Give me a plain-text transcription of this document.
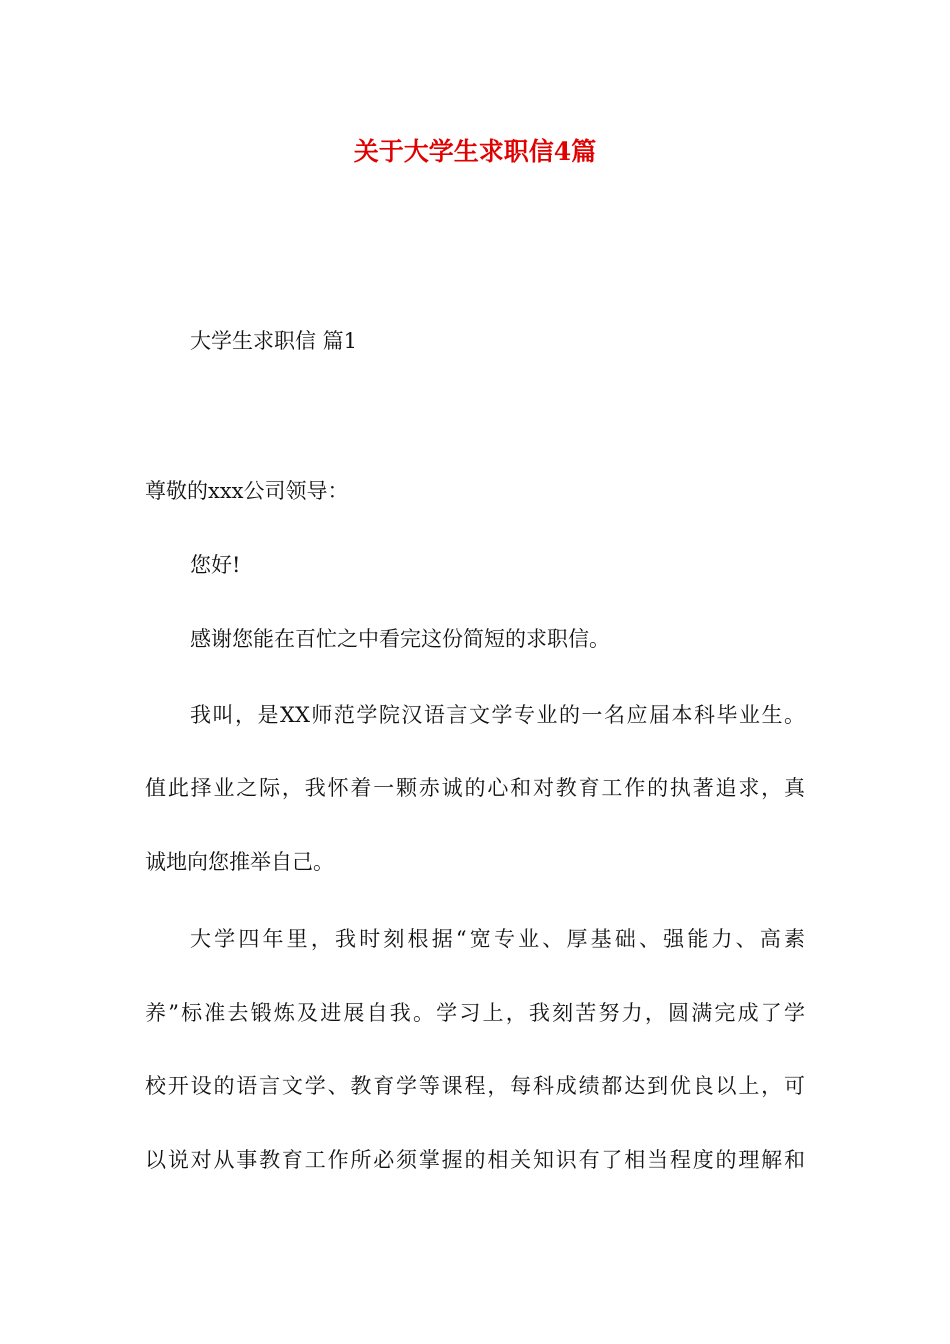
关于大学生求职信4篇
大学生求职信 篇1
尊敬的xxx公司领导：
您好!
感谢您能在百忙之中看完这份简短的求职信。
我叫，是XX师范学院汉语言文学专业的一名应届本科毕业生。
值此择业之际，我怀着一颗赤诚的心和对教育工作的执著追求，真
诚地向您推举自己。
大学四年里，我时刻根据“宽专业、厚基础、强能力、高素
养”标准去锻炼及进展自我。学习上，我刻苦努力，圆满完成了学
校开设的语言文学、教育学等课程，每科成绩都达到优良以上，可
以说对从事教育工作所必须掌握的相关知识有了相当程度的理解和
